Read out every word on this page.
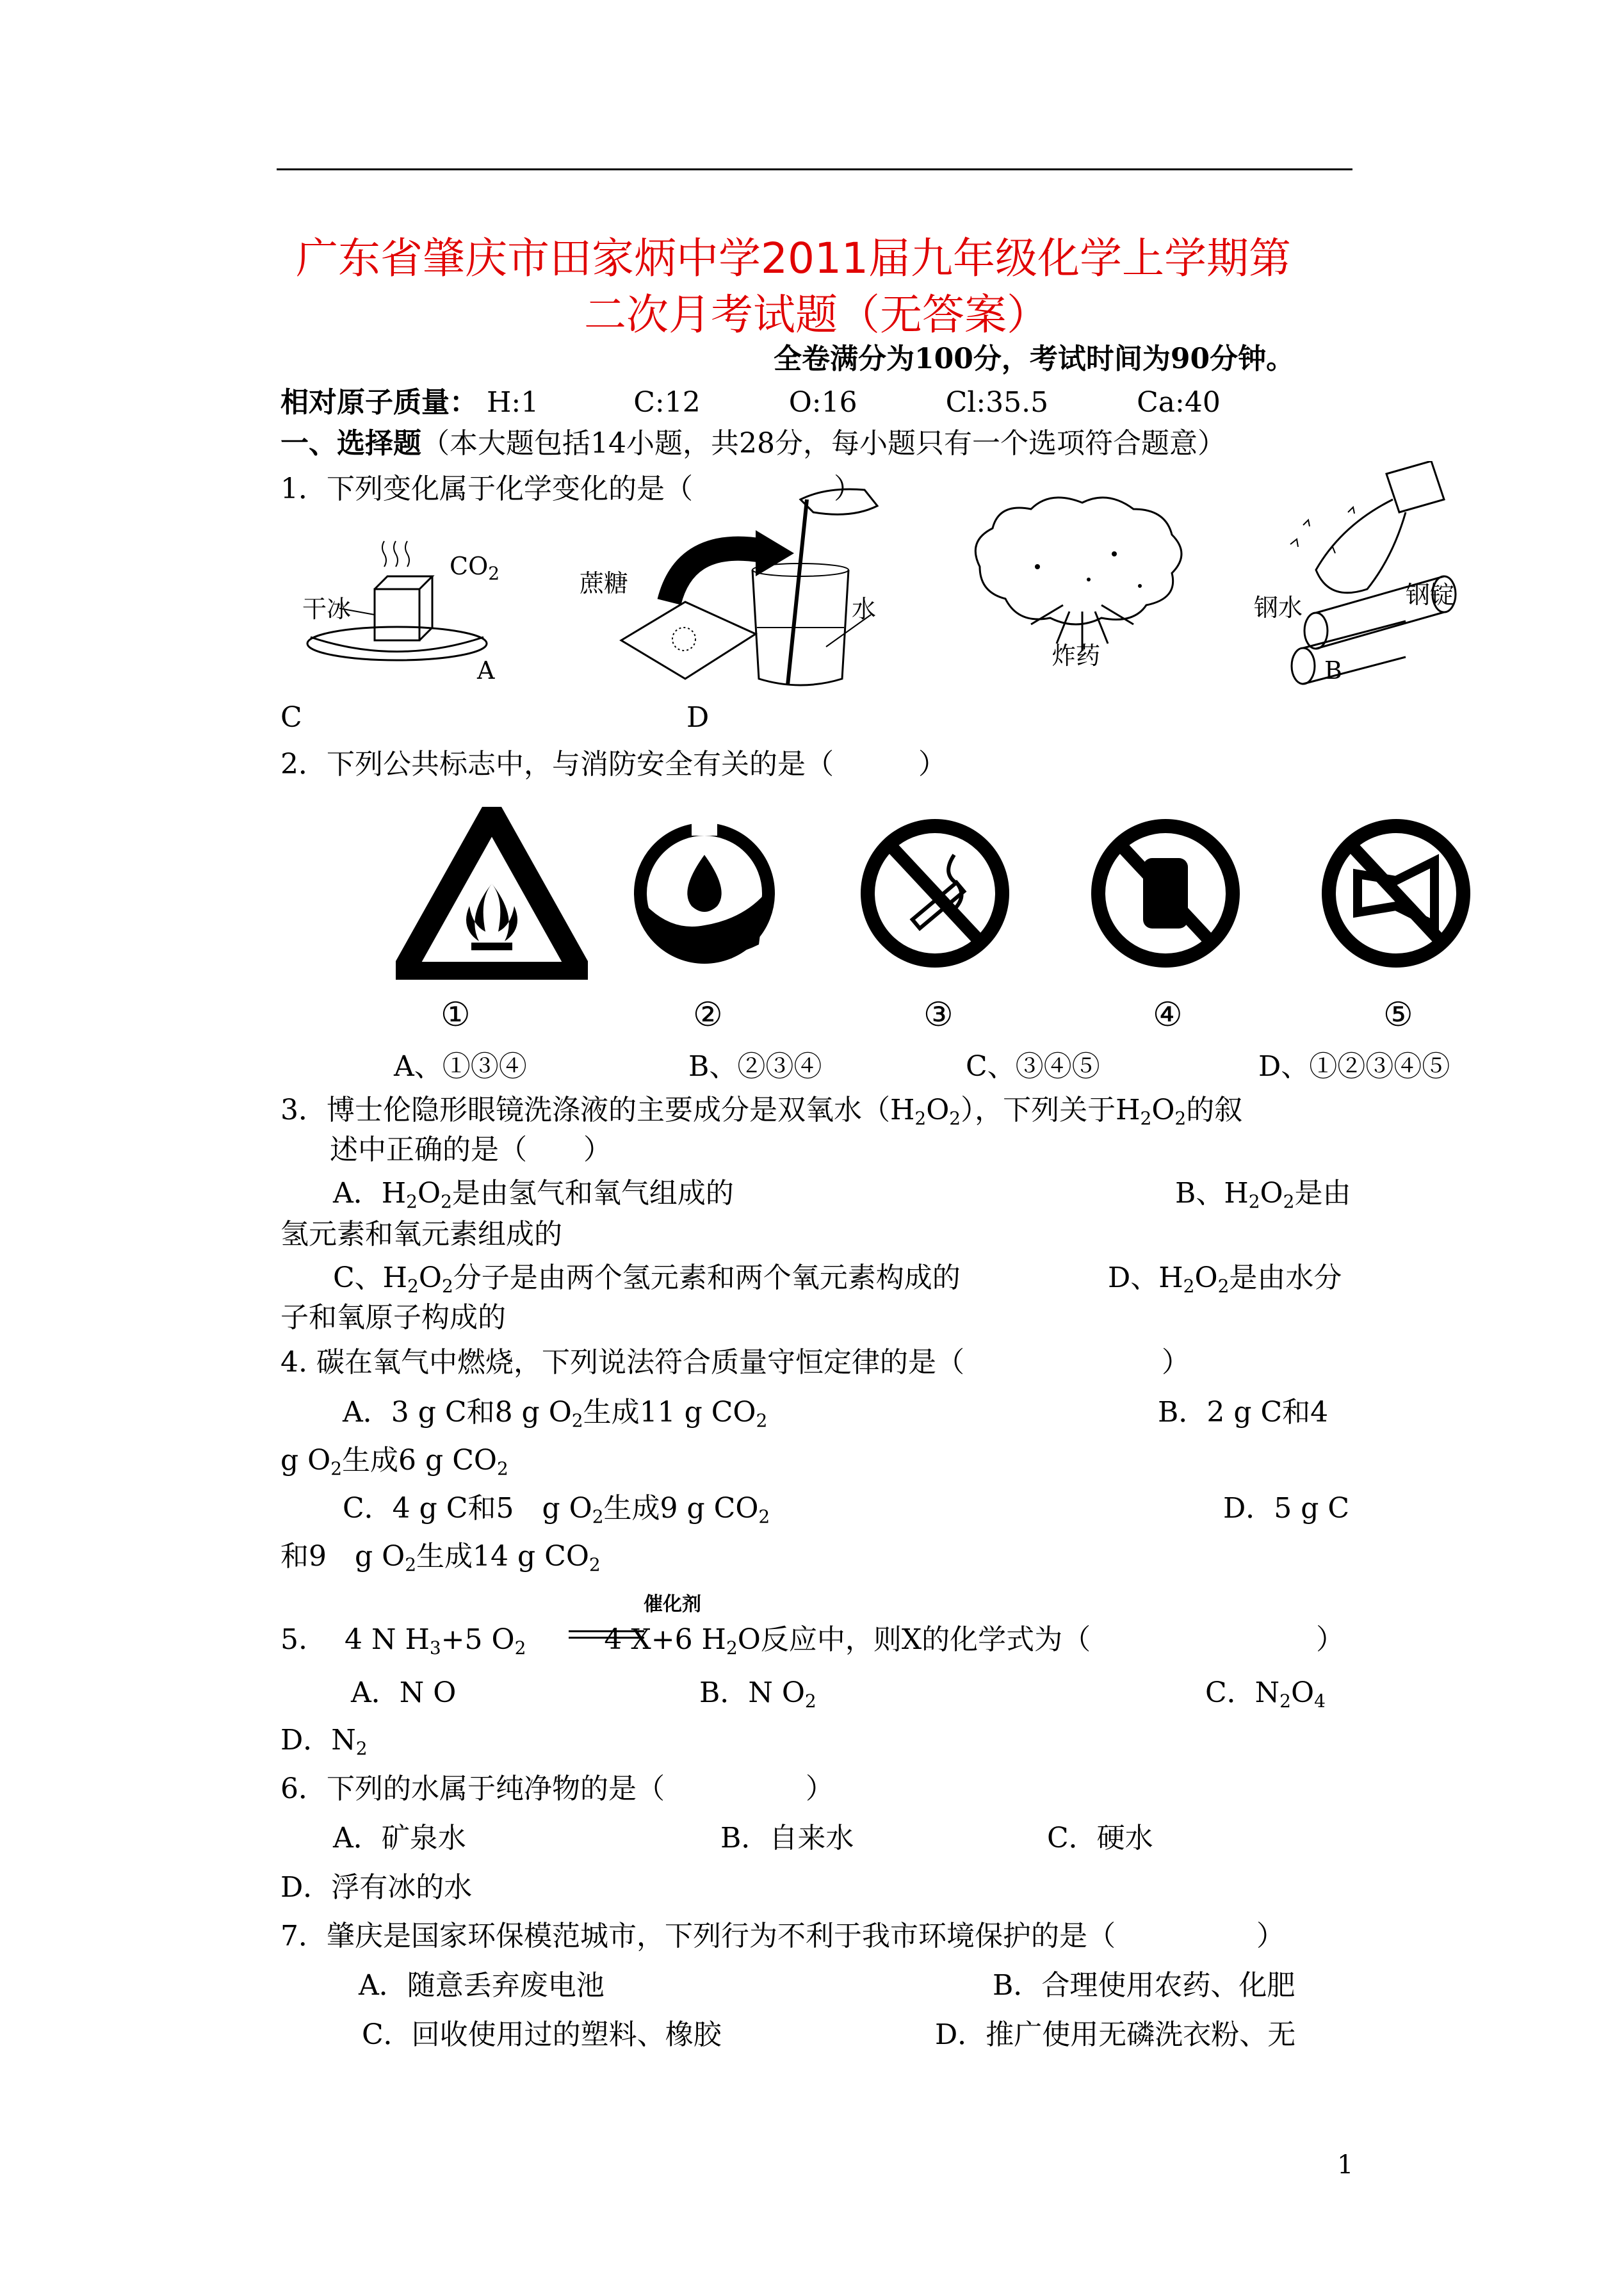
广东省肇庆市田家炳中学2011届九年级化学上学期第
二次月考试题（无答案）
全卷满分为100分，考试时间为90分钟。
相对原子质量： H:1	C:12	O:16	Cl:35.5	Ca:40
一、选择题（本大题包括14小题，共28分，每小题只有一个选项符合题意）
1．下列变化属于化学变化的是（　　　　　）
干冰
$CO_2$
A
蔗糖
水
炸药
钢水	钢锭
B
C	D
2．下列公共标志中，与消防安全有关的是（　　　）
①	②	③	④	⑤
A、①③④	B、②③④	C、③④⑤	D、①②③④⑤
3．博士伦隐形眼镜洗涤液的主要成分是双氧水$(H_2O_2)$，下列关于$H_2O_2$的叙
述中正确的是（　　）
A．$H_2O_2$是由氢气和氧气组成的	B、$H_2O_2$是由
氢元素和氧元素组成的
C、$H_2O_2$分子是由两个氢元素和两个氧元素构成的	D、$H_2O_2$是由水分
子和氧原子构成的
4. 碳在氧气中燃烧，下列说法符合质量守恒定律的是（　　　　　　　）
A．3 g C和8 g $O_2$生成11 g $CO_2$	B．2 g C和4
g $O_2$生成6 g $CO_2$
C．4 g C和5　g $O_2$生成9 g $CO_2$	D．5 g C
和9　g $O_2$生成14 g $CO_2$
催化剂
5. 4 N $H_3+5$ $O_2$	4 X+6 $H_2O$反应中，则X的化学式为（　　　　　　　　）
A．N O	B．N $O_2$	C．$N_2O_4$
D．$N_2$
6．下列的水属于纯净物的是（　　　　　）
A．矿泉水	B．自来水	C．硬水
D．浮有冰的水
7．肇庆是国家环保模范城市，下列行为不利于我市环境保护的是（　　　　　）
A．随意丢弃废电池	B．合理使用农药、化肥
C．回收使用过的塑料、橡胶	D．推广使用无磷洗衣粉、无
1
